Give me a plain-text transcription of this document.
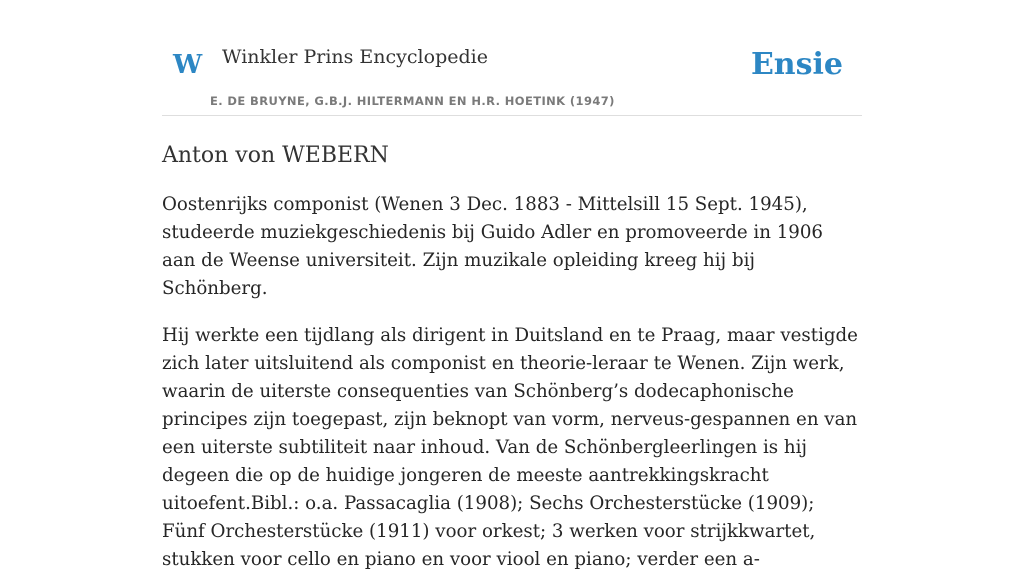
W Winkler Prins Encyclopedie
E. DE BRUYNE, G.B.J. HILTERMANN EN H.R. HOETINK (1947)
Ensie
Anton von WEBERN

Oostenrijks componist (Wenen 3 Dec. 1883 - Mittelsill 15 Sept. 1945), studeerde muziekgeschiedenis bij Guido Adler en promoveerde in 1906 aan de Weense universiteit. Zijn muzikale opleiding kreeg hij bij Schönberg.

Hij werkte een tijdlang als dirigent in Duitsland en te Praag, maar vestigde zich later uitsluitend als componist en theorie-leraar te Wenen. Zijn werk, waarin de uiterste consequenties van Schönberg’s dodecaphonische principes zijn toegepast, zijn beknopt van vorm, nerveus-gespannen en van een uiterste subtiliteit naar inhoud. Van de Schönbergleerlingen is hij degeen die op de huidige jongeren de meeste aantrekkingskracht uitoefent.Bibl.: o.a. Passacaglia (1908); Sechs Orchesterstücke (1909); Fünf Orchesterstücke (1911) voor orkest; 3 werken voor strijkkwartet, stukken voor cello en piano en voor viool en piano; verder een a-
